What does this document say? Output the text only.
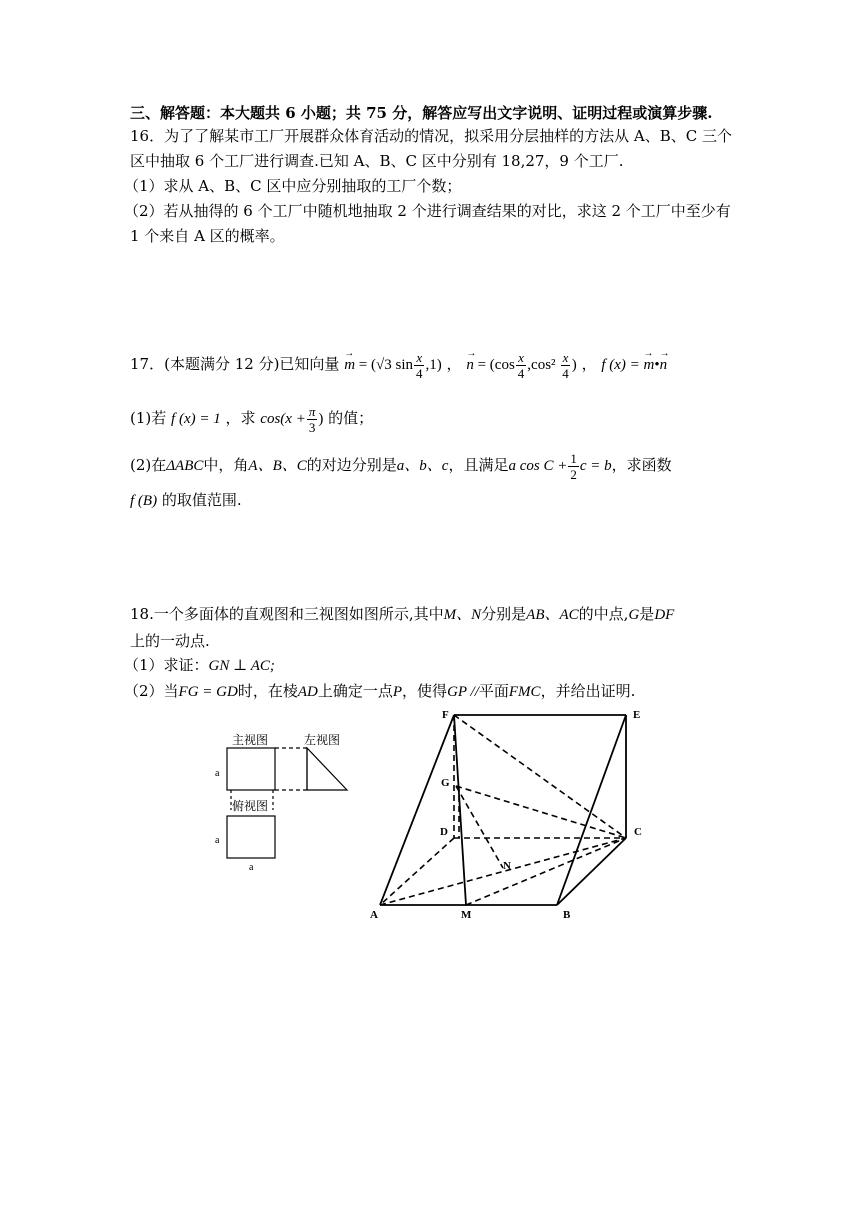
三、解答题：本大题共 6 小题；共 75 分，解答应写出文字说明、证明过程或演算步骤.
16．为了了解某市工厂开展群众体育活动的情况，拟采用分层抽样的方法从 A、B、C 三个
区中抽取 6 个工厂进行调查.已知 A、B、C 区中分别有 18,27，9 个工厂.
（1）求从 A、B、C 区中应分别抽取的工厂个数；
（2）若从抽得的 6 个工厂中随机地抽取 2 个进行调查结果的对比，求这 2 个工厂中至少有
1 个来自 A 区的概率。
17．(本题满分 12 分)已知向量 m → = (√3 $\sin \frac{x}{4} ,1$) ， n → = ($\cos \frac{x}{4} ,\cos^2 \frac{x}{4}$ ) ， f (x) = m →•n →
(1)若 f (x) = 1 ，求 $\cos(x + \frac{\pi}{3}$ ) 的值；
(2)在ΔABC中，角A、B、C的对边分别是a、b、c，且满足a $\cos C + \frac{1}{2}$ c = b，求函数
f (B) 的取值范围.
18.一个多面体的直观图和三视图如图所示,其中M、N分别是AB、AC的中点,G是DF
上的一动点.
（1）求证：GN ⊥ AC;
（2）当FG = GD时，在棱AD上确定一点P，使得GP //平面FMC，并给出证明.
主视图	左视图
俯视图
a
a
a
F	E
G
D	C
N
A	M	B
